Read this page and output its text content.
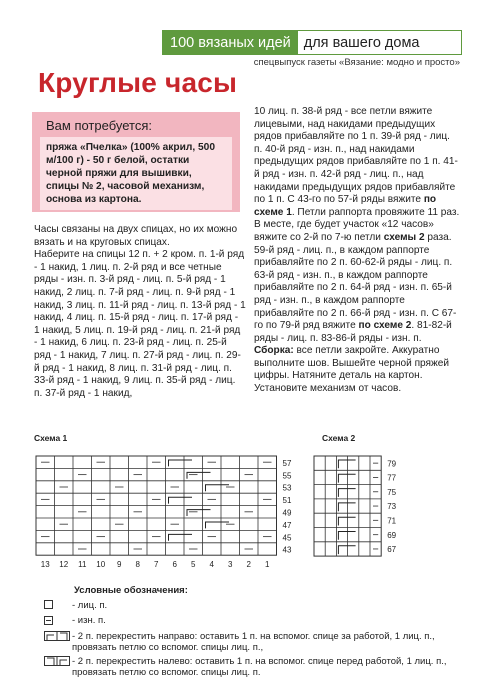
100 вязаных идей для вашего дома
спецвыпуск газеты «Вязание: модно и просто»
Круглые часы
Вам потребуется:
пряжа «Пчелка» (100% акрил, 500 м/100 г) - 50 г белой, остатки черной пряжи для вышивки, спицы № 2, часовой механизм, основа из картона.

Часы связаны на двух спицах, но их можно вязать и на круговых спицах.

Наберите на спицы 12 п. + 2 кром. п. 1-й ряд - 1 накид, 1 лиц. п. 2-й ряд и все четные ряды - изн. п. 3-й ряд - лиц. п. 5-й ряд - 1 накид, 2 лиц. п. 7-й ряд - лиц. п. 9-й ряд - 1 накид, 3 лиц. п. 11-й ряд - лиц. п. 13-й ряд - 1 накид, 4 лиц. п. 15-й ряд - лиц. п. 17-й ряд - 1 накид, 5 лиц. п. 19-й ряд - лиц. п. 21-й ряд - 1 накид, 6 лиц. п. 23-й ряд - лиц. п. 25-й ряд - 1 накид, 7 лиц. п. 27-й ряд - лиц. п. 29-й ряд - 1 накид, 8 лиц. п. 31-й ряд - лиц. п. 33-й ряд - 1 накид, 9 лиц. п. 35-й ряд - лиц. п. 37-й ряд - 1 накид,

10 лиц. п. 38-й ряд - все петли вяжите лицевыми, над накидами предыдущих рядов прибавляйте по 1 п. 39-й ряд - лиц. п. 40-й ряд - изн. п., над накидами предыдущих рядов прибавляйте по 1 п. 41-й ряд - изн. п. 42-й ряд - лиц. п., над накидами предыдущих рядов прибавляйте по 1 п. С 43-го по 57-й ряды вяжите по схеме 1. Петли раппорта провяжите 11 раз. В месте, где будет участок «12 часов» вяжите со 2-й по 7-ю петли схемы 2 раза. 59-й ряд - лиц. п., в каждом раппорте прибавляйте по 2 п. 60-62-й ряды - лиц. п. 63-й ряд - изн. п., в каждом раппорте прибавляйте по 2 п. 64-й ряд - изн. п. 65-й ряд - изн. п., в каждом раппорте прибавляйте по 2 п. 66-й ряд - изн. п. С 67-го по 79-й ряд вяжите по схеме 2. 81-82-й ряды - лиц. п. 83-86-й ряды - изн. п.

Сборка: все петли закройте. Аккуратно выполните шов. Вышейте черной пряжей цифры. Натяните деталь на картон. Установите механизм от часов.

Схема 1	Схема 2
57
55
53
51
49
47
45
43
13 12 11 10 9 8 7 6 5 4 3 2 1
79
77
75
73
71
69
67
Условные обозначения:
- лиц. п.
- изн. п.
- 2 п. перекрестить направо: оставить 1 п. на вспомог. спице за работой, 1 лиц. п., провязать петлю со вспомог. спицы лиц. п.,
- 2 п. перекрестить налево: оставить 1 п. на вспомог. спице перед работой, 1 лиц. п., провязать петлю со вспомог. спицы лиц. п.
